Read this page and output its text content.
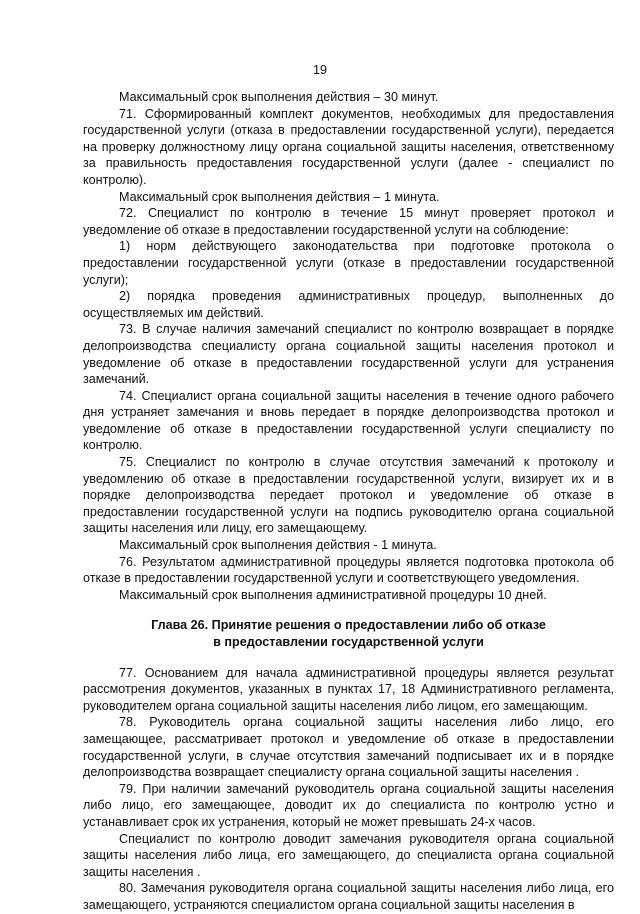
19

Максимальный срок выполнения действия – 30 минут.

71. Сформированный комплект документов, необходимых для предоставления государственной услуги (отказа в предоставлении государственной услуги), передается на проверку должностному лицу органа социальной защиты населения, ответственному за правильность предоставления государственной услуги (далее - специалист по контролю).

Максимальный срок выполнения действия – 1 минута.

72. Специалист по контролю в течение 15 минут проверяет протокол и уведомление об отказе в предоставлении государственной услуги на соблюдение:

1) норм действующего законодательства при подготовке протокола о предоставлении государственной услуги (отказе в предоставлении государственной услуги);

2) порядка проведения административных процедур, выполненных до осуществляемых им действий.

73. В случае наличия замечаний специалист по контролю возвращает в порядке делопроизводства специалисту органа социальной защиты населения протокол и уведомление об отказе в предоставлении государственной услуги для устранения замечаний.

74. Специалист органа социальной защиты населения в течение одного рабочего дня устраняет замечания и вновь передает в порядке делопроизводства протокол и уведомление об отказе в предоставлении государственной услуги специалисту по контролю.

75. Специалист по контролю в случае отсутствия замечаний к протоколу и уведомлению об отказе в предоставлении государственной услуги, визирует их и в порядке делопроизводства передает протокол и уведомление об отказе в предоставлении государственной услуги на подпись руководителю органа социальной защиты населения или лицу, его замещающему.

Максимальный срок выполнения действия - 1 минута.

76. Результатом административной процедуры является подготовка протокола об отказе в предоставлении государственной услуги и соответствующего уведомления.

Максимальный срок выполнения административной процедуры 10 дней.

Глава 26. Принятие решения о предоставлении либо об отказе
в предоставлении государственной услуги

77. Основанием для начала административной процедуры является результат рассмотрения документов, указанных в пунктах 17, 18 Административного регламента, руководителем органа социальной защиты населения либо лицом, его замещающим.

78. Руководитель органа социальной защиты населения либо лицо, его замещающее, рассматривает протокол и уведомление об отказе в предоставлении государственной услуги, в случае отсутствия замечаний подписывает их и в порядке делопроизводства возвращает специалисту органа социальной защиты населения .

79. При наличии замечаний руководитель органа социальной защиты населения либо лицо, его замещающее, доводит их до специалиста по контролю устно и устанавливает срок их устранения, который не может превышать 24-х часов.

Специалист по контролю доводит замечания руководителя органа социальной защиты населения либо лица, его замещающего, до специалиста органа социальной защиты населения .

80. Замечания руководителя органа социальной защиты населения либо лица, его замещающего, устраняются специалистом органа социальной защиты населения в
